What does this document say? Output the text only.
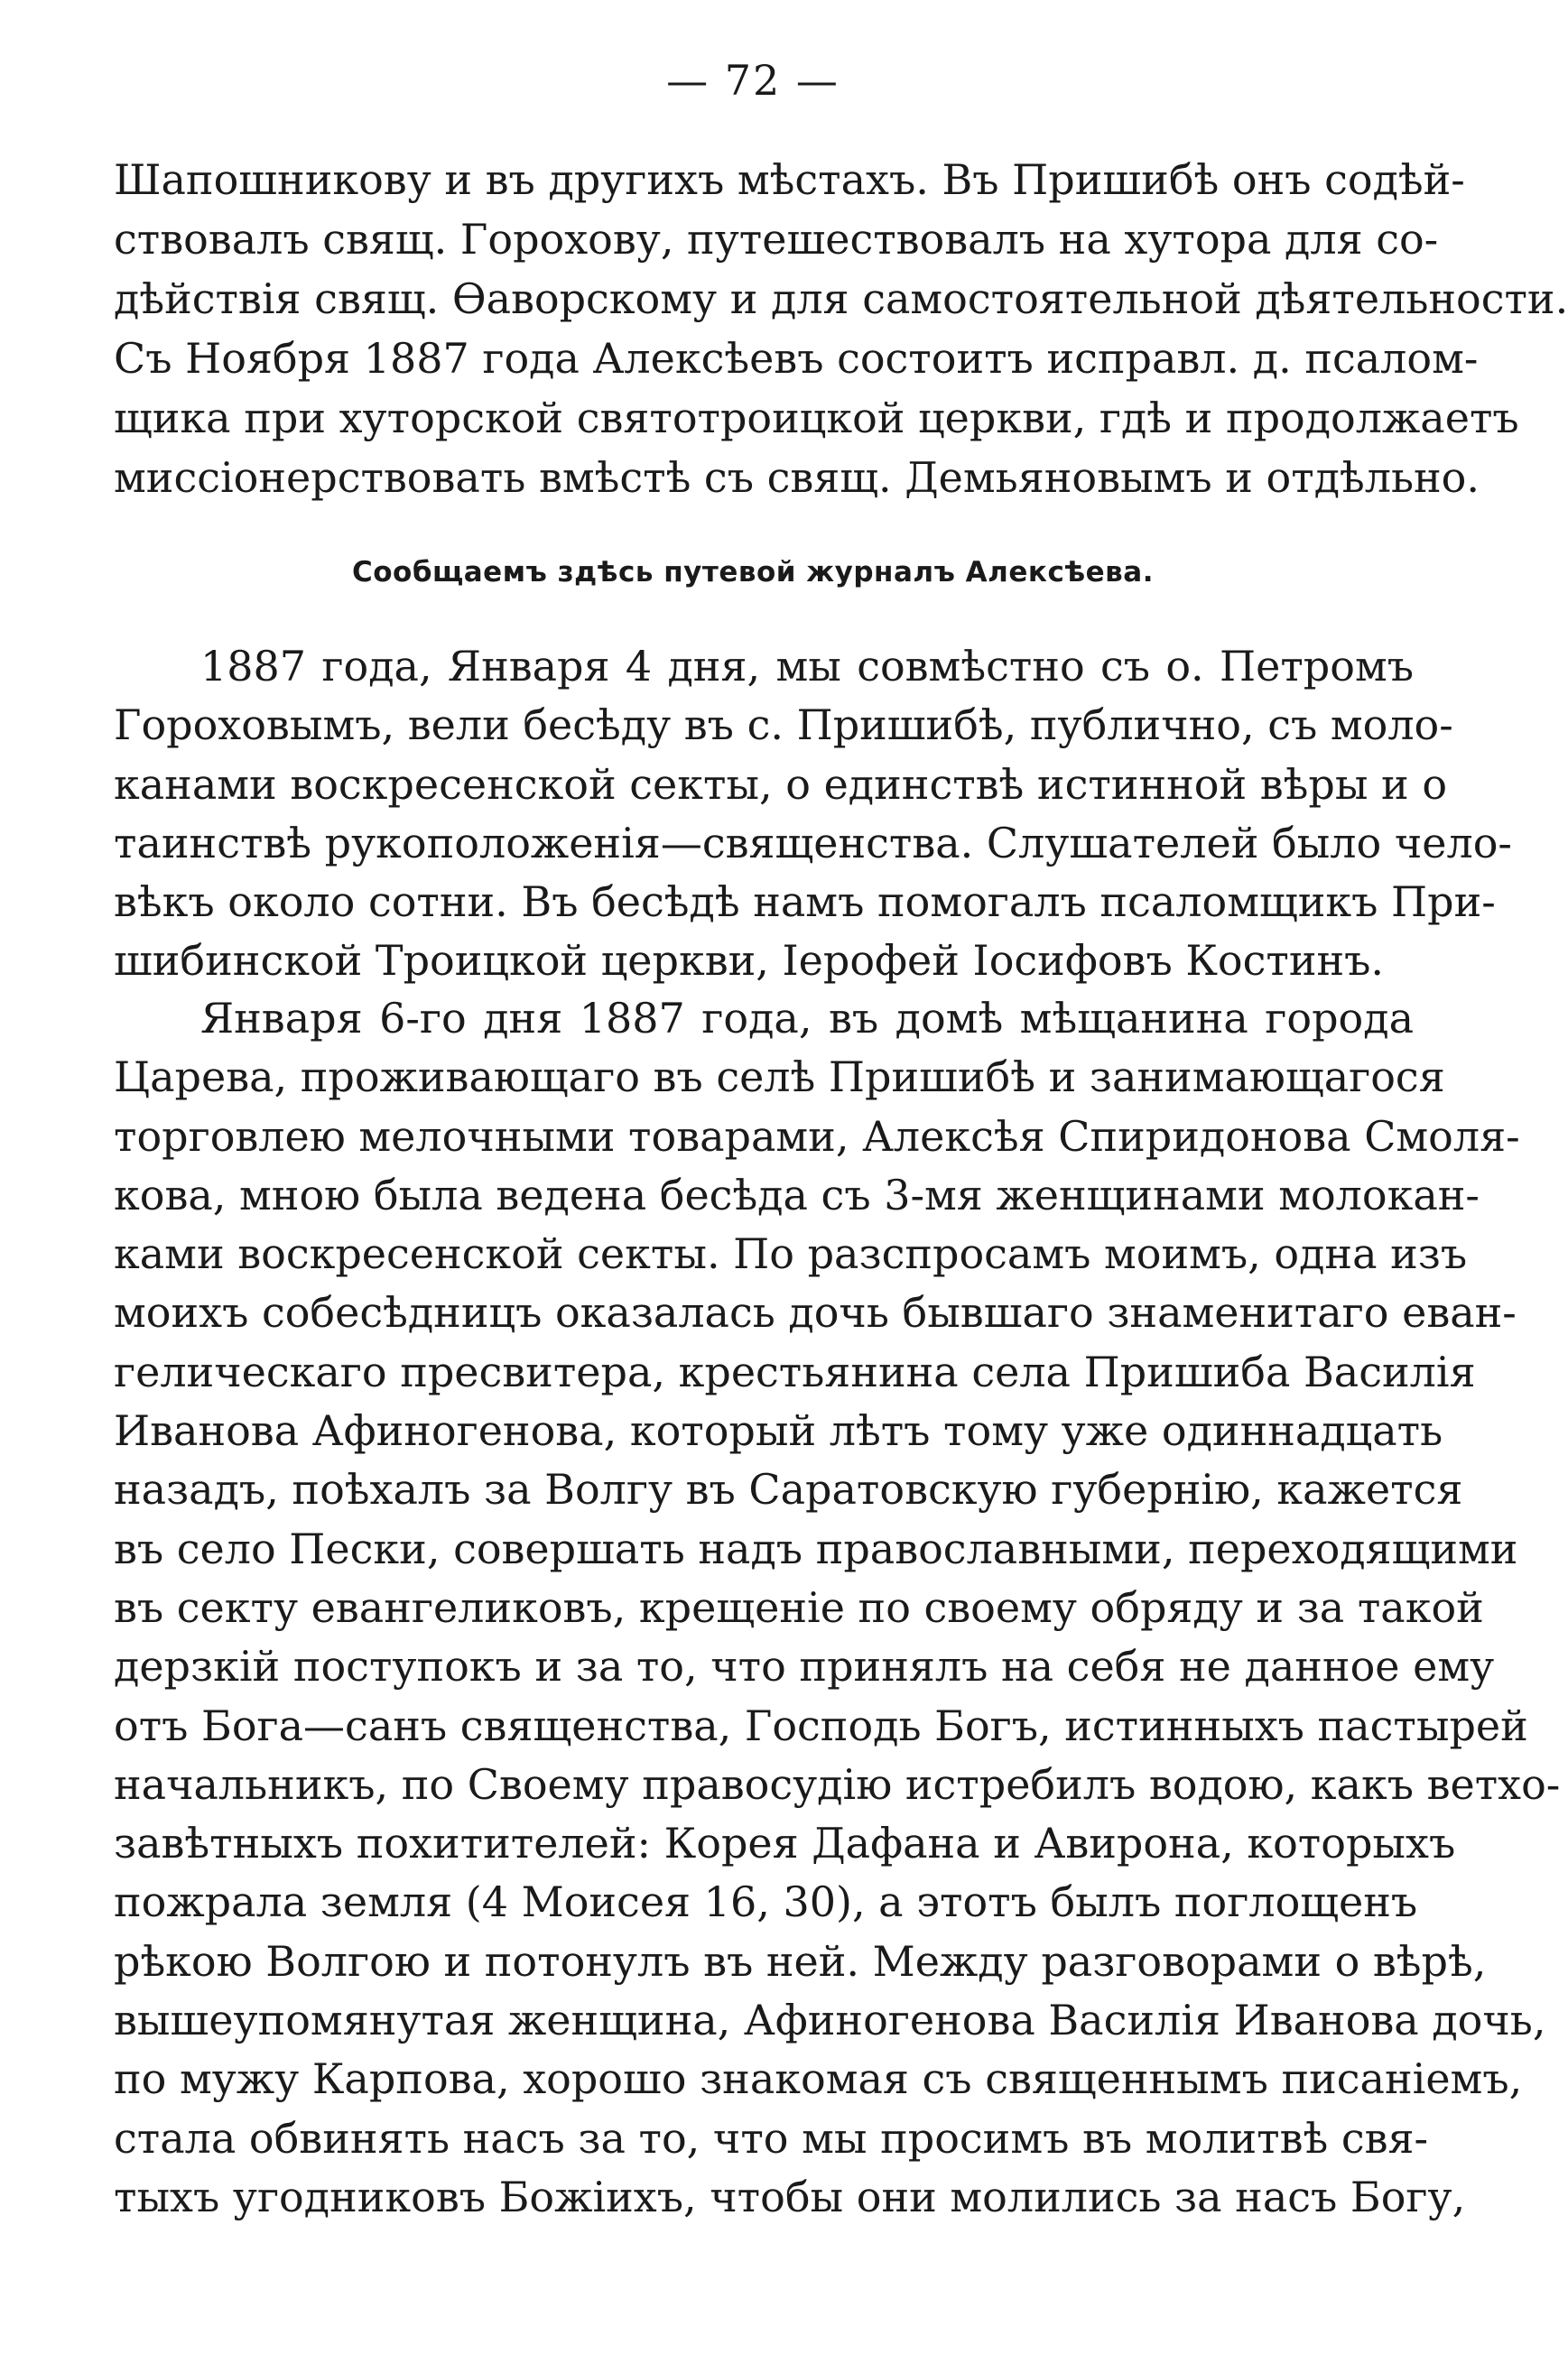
— 72 —
Шапошникову и въ другихъ мѣстахъ. Въ Пришибѣ онъ содѣй-
ствовалъ свящ. Горохову, путешествовалъ на хутора для со-
дѣйствія свящ. Ѳаворскому и для самостоятельной дѣятельности.
Съ Ноября 1887 года Алексѣевъ состоитъ исправл. д. псалом-
щика при хуторской святотроицкой церкви, гдѣ и продолжаетъ
миссіонерствовать вмѣстѣ съ свящ. Демьяновымъ и отдѣльно.
Сообщаемъ здѣсь путевой журналъ Алексѣева.
1887 года, Января 4 дня, мы совмѣстно съ о. Петромъ
Гороховымъ, вели бесѣду въ с. Пришибѣ, публично, съ моло-
канами воскресенской секты, о единствѣ истинной вѣры и о
таинствѣ рукоположенія—священства. Слушателей было чело-
вѣкъ около сотни. Въ бесѣдѣ намъ помогалъ псаломщикъ При-
шибинской Троицкой церкви, Іерофей Іосифовъ Костинъ.
Января 6-го дня 1887 года, въ домѣ мѣщанина города
Царева, проживающаго въ селѣ Пришибѣ и занимающагося
торговлею мелочными товарами, Алексѣя Спиридонова Смоля-
кова, мною была ведена бесѣда съ 3-мя женщинами молокан-
ками воскресенской секты. По разспросамъ моимъ, одна изъ
моихъ собесѣдницъ оказалась дочь бывшаго знаменитаго еван-
гелическаго пресвитера, крестьянина села Пришиба Василія
Иванова Афиногенова, который лѣтъ тому уже одиннадцать
назадъ, поѣхалъ за Волгу въ Саратовскую губернію, кажется
въ село Пески, совершать надъ православными, переходящими
въ секту евангеликовъ, крещеніе по своему обряду и за такой
дерзкій поступокъ и за то, что принялъ на себя не данное ему
отъ Бога—санъ священства, Господь Богъ, истинныхъ пастырей
начальникъ, по Своему правосудію истребилъ водою, какъ ветхо-
завѣтныхъ похитителей: Корея Дафана и Авирона, которыхъ
пожрала земля (4 Моисея 16, 30), а этотъ былъ поглощенъ
рѣкою Волгою и потонулъ въ ней. Между разговорами о вѣрѣ,
вышеупомянутая женщина, Афиногенова Василія Иванова дочь,
по мужу Карпова, хорошо знакомая съ священнымъ писаніемъ,
стала обвинять насъ за то, что мы просимъ въ молитвѣ свя-
тыхъ угодниковъ Божіихъ, чтобы они молились за насъ Богу,
